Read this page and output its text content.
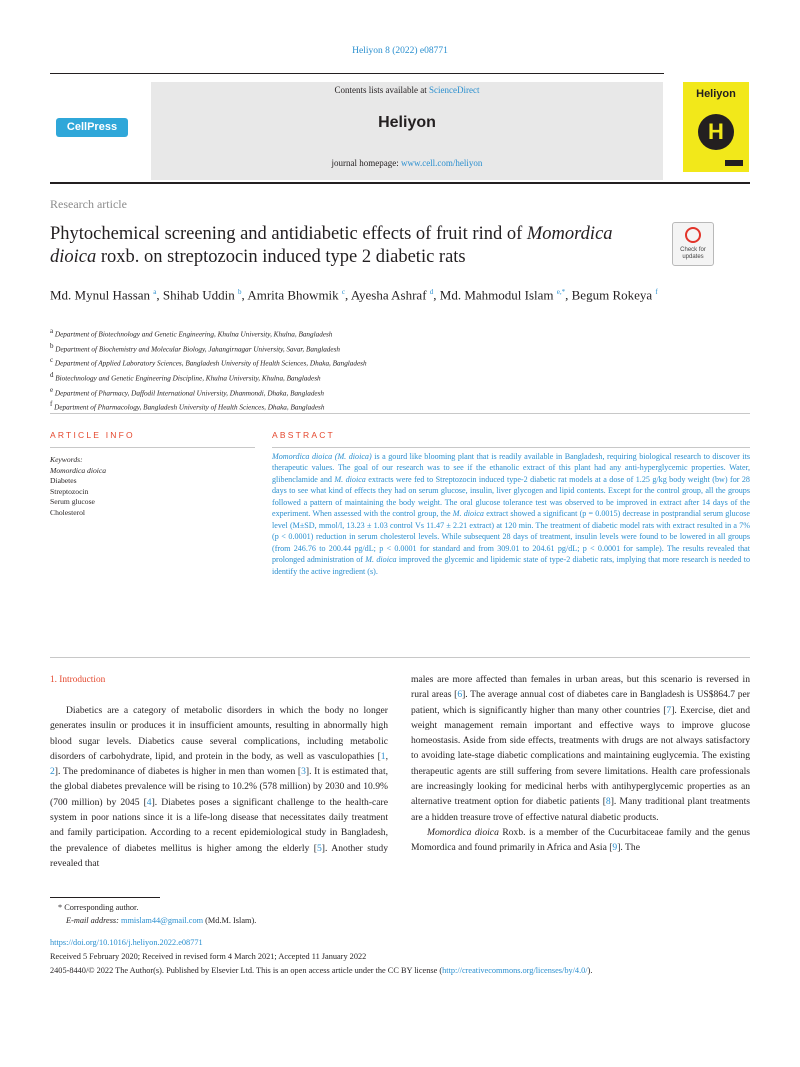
Heliyon 8 (2022) e08771
CellPress
Contents lists available at ScienceDirect
Heliyon
journal homepage: www.cell.com/heliyon
Heliyon
H
Research article
Phytochemical screening and antidiabetic effects of fruit rind of Momordica dioica roxb. on streptozocin induced type 2 diabetic rats	Check for updates
Md. Mynul Hassan $^a$, Shihab Uddin $^b$, Amrita Bhowmik $^c$, Ayesha Ashraf $^d$, Md. Mahmodul Islam $^{e,*}$, Begum Rokeya $^f$
$^a$ Department of Biotechnology and Genetic Engineering, Khulna University, Khulna, Bangladesh
$^b$ Department of Biochemistry and Molecular Biology, Jahangirnagar University, Savar, Bangladesh
$^c$ Department of Applied Laboratory Sciences, Bangladesh University of Health Sciences, Dhaka, Bangladesh
$^d$ Biotechnology and Genetic Engineering Discipline, Khulna University, Khulna, Bangladesh
$^e$ Department of Pharmacy, Daffodil International University, Dhanmondi, Dhaka, Bangladesh
$^f$ Department of Pharmacology, Bangladesh University of Health Sciences, Dhaka, Bangladesh
ARTICLE INFO	ABSTRACT
Keywords:
Momordica dioica
Diabetes
Streptozocin
Serum glucose
Cholesterol
Momordica dioica (M. dioica) is a gourd like blooming plant that is readily available in Bangladesh, requiring biological research to discover its therapeutic values. The goal of our research was to see if the ethanolic extract of this plant had any anti-hyperglycemic properties. Water, glibenclamide and M. dioica extracts were fed to Streptozocin induced type-2 diabetic rat models at a dose of 1.25 g/kg body weight (bw) for 28 days to see what kind of effects they had on serum glucose, insulin, liver glycogen and lipid contents. Except for the control group, all the groups followed a pattern of maintaining the body weight. The oral glucose tolerance test was observed to be improved in extract after 14 days of the experiment. When assessed with the control group, the M. dioica extract showed a significant (p = 0.0015) decrease in postprandial serum glucose level (M±SD, mmol/l, 13.23 ± 1.03 control Vs 11.47 ± 2.21 extract) at 120 min. The treatment of diabetic model rats with extract resulted in a 7% (p < 0.0001) reduction in serum cholesterol levels. While subsequent 28 days of treatment, insulin levels were found to be lowered in all groups (from 246.76 to 200.44 pg/dL; p < 0.0001 for standard and from 309.01 to 204.61 pg/dL; p < 0.0001 for sample). The results revealed that prolonged administration of M. dioica improved the glycemic and lipidemic state of type-2 diabetic rats, implying that more research is needed to identify the active ingredient (s).
1. Introduction

Diabetics are a category of metabolic disorders in which the body no longer generates insulin or produces it in insufficient amounts, resulting in abnormally high blood sugar levels. Diabetics cause several complications, including metabolic disorders of carbohydrate, lipid, and protein in the body, as well as vasculopathies [1, 2]. The predominance of diabetes is higher in men than women [3]. It is estimated that, the global diabetes prevalence will be rising to 10.2% (578 million) by 2030 and 10.9% (700 million) by 2045 [4]. Diabetes poses a significant challenge to the health-care system in poor nations since it is a life-long disease that necessitates daily treatment and family participation. According to a recent epidemiological study in Bangladesh, the prevalence of diabetes mellitus is higher among the elderly [5]. Another study revealed that

males are more affected than females in urban areas, but this scenario is reversed in rural areas [6]. The average annual cost of diabetes care in Bangladesh is US$864.7 per patient, which is significantly higher than many other countries [7]. Exercise, diet and weight management remain important and effective ways to improve glucose homeostasis. Aside from side effects, treatments with drugs are not always satisfactory to avoiding late-stage diabetic complications and maintaining euglycemia. The existing therapeutic agents are still suffering from severe limitations. Health care professionals are increasingly looking for medicinal herbs with antihyperglycemic properties as an alternative treatment option for diabetic patients [8]. Many traditional plant treatments are a hidden treasure trove of effective natural diabetic products.

Momordica dioica Roxb. is a member of the Cucurbitaceae family and the genus Momordica and found primarily in Africa and Asia [9]. The

* Corresponding author.
E-mail address: mmislam44@gmail.com (Md.M. Islam).
https://doi.org/10.1016/j.heliyon.2022.e08771
Received 5 February 2020; Received in revised form 4 March 2021; Accepted 11 January 2022
2405-8440/© 2022 The Author(s). Published by Elsevier Ltd. This is an open access article under the CC BY license (http://creativecommons.org/licenses/by/4.0/).
